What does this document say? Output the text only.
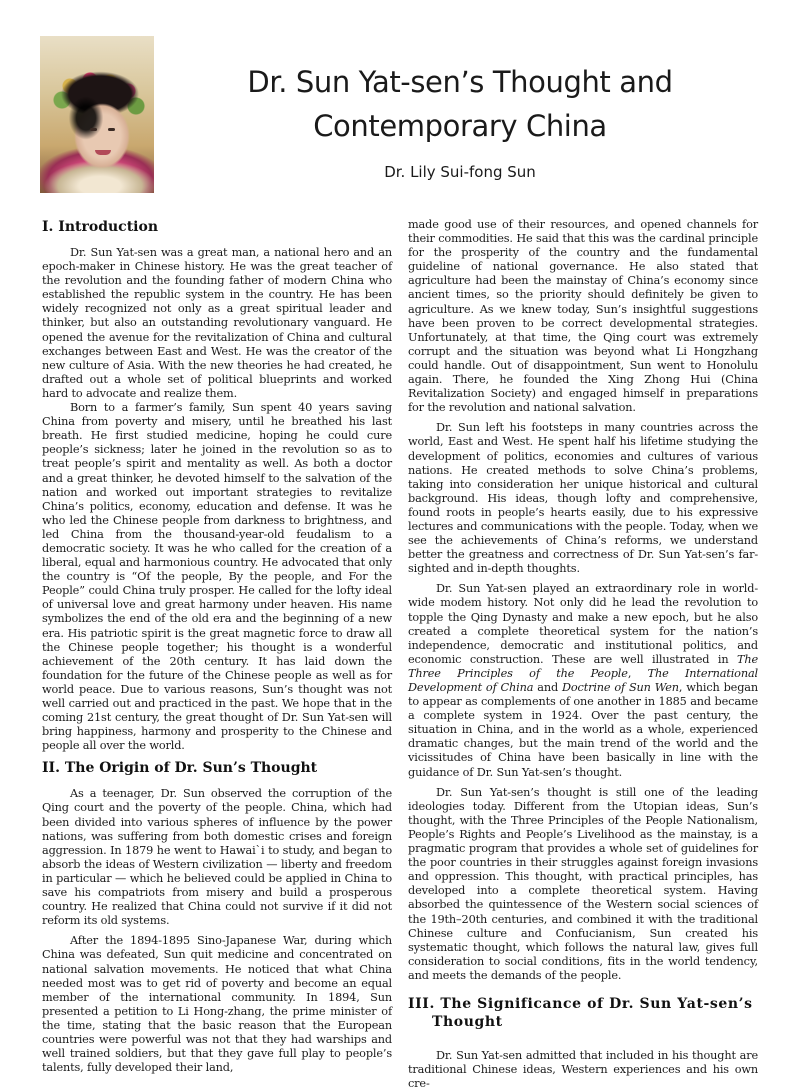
Dr. Sun Yat-sen’s Thought and
Contemporary China
Dr. Lily Sui-fong Sun
I. Introduction

Dr. Sun Yat-sen was a great man, a national hero and an epoch-maker in Chinese history. He was the great teacher of the revolution and the founding father of modern China who established the republic system in the country. He has been widely recognized not only as a great spiritual leader and thinker, but also an outstanding revolutionary vanguard. He opened the avenue for the revitalization of China and cultural exchanges between East and West. He was the creator of the new culture of Asia. With the new theories he had created, he drafted out a whole set of political blueprints and worked hard to advocate and realize them.

Born to a farmer’s family, Sun spent 40 years saving China from poverty and misery, until he breathed his last breath. He first studied medicine, hoping he could cure people’s sickness; later he joined in the revolution so as to treat people’s spirit and mentality as well. As both a doctor and a great thinker, he devoted himself to the salvation of the nation and worked out important strategies to revitalize China’s politics, economy, education and defense. It was he who led the Chinese people from darkness to brightness, and led China from the thousand-year-old feudalism to a democratic society. It was he who called for the creation of a liberal, equal and harmonious country. He advocated that only the country is “Of the people, By the people, and For the People” could China truly prosper. He called for the lofty ideal of universal love and great harmony under heaven. His name symbolizes the end of the old era and the beginning of a new era. His patriotic spirit is the great magnetic force to draw all the Chinese people together; his thought is a wonderful achievement of the 20th century. It has laid down the foundation for the future of the Chinese people as well as for world peace. Due to various reasons, Sun’s thought was not well carried out and practiced in the past. We hope that in the coming 21st century, the great thought of Dr. Sun Yat-sen will bring happiness, harmony and prosperity to the Chinese and people all over the world.

II. The Origin of Dr. Sun’s Thought

As a teenager, Dr. Sun observed the corruption of the Qing court and the poverty of the people. China, which had been divided into various spheres of influence by the power nations, was suffering from both domestic crises and foreign aggression. In 1879 he went to Hawai`i to study, and began to absorb the ideas of Western civilization — liberty and freedom in particular — which he believed could be applied in China to save his compatriots from misery and build a prosperous country. He realized that China could not survive if it did not reform its old systems.

After the 1894-1895 Sino-Japanese War, during which China was defeated, Sun quit medicine and concentrated on national salvation movements. He noticed that what China needed most was to get rid of poverty and become an equal member of the international community. In 1894, Sun presented a petition to Li Hong-zhang, the prime minister of the time, stating that the basic reason that the European countries were powerful was not that they had warships and well trained soldiers, but that they gave full play to people’s talents, fully developed their land,

made good use of their resources, and opened channels for their commodities. He said that this was the cardinal principle for the prosperity of the country and the fundamental guideline of national governance. He also stated that agriculture had been the mainstay of China’s economy since ancient times, so the priority should definitely be given to agriculture. As we knew today, Sun’s insightful suggestions have been proven to be correct developmental strategies. Unfortunately, at that time, the Qing court was extremely corrupt and the situation was beyond what Li Hongzhang could handle. Out of disappointment, Sun went to Honolulu again. There, he founded the Xing Zhong Hui (China Revitalization Society) and engaged himself in preparations for the revolution and national salvation.

Dr. Sun left his footsteps in many countries across the world, East and West. He spent half his lifetime studying the development of politics, economies and cultures of various nations. He created methods to solve China’s problems, taking into consideration her unique historical and cultural background. His ideas, though lofty and comprehensive, found roots in people’s hearts easily, due to his expressive lectures and communications with the people. Today, when we see the achievements of China’s reforms, we understand better the greatness and correctness of Dr. Sun Yat-sen’s far-sighted and in-depth thoughts.

Dr. Sun Yat-sen played an extraordinary role in world-wide modem history. Not only did he lead the revolution to topple the Qing Dynasty and make a new epoch, but he also created a complete theoretical system for the nation’s independence, democratic and institutional politics, and economic construction. These are well illustrated in The Three Principles of the People, The International Development of China and Doctrine of Sun Wen, which began to appear as complements of one another in 1885 and became a complete system in 1924. Over the past century, the situation in China, and in the world as a whole, experienced dramatic changes, but the main trend of the world and the vicissitudes of China have been basically in line with the guidance of Dr. Sun Yat-sen’s thought.

Dr. Sun Yat-sen’s thought is still one of the leading ideologies today. Different from the Utopian ideas, Sun’s thought, with the Three Principles of the People Nationalism, People’s Rights and People’s Livelihood as the mainstay, is a pragmatic program that provides a whole set of guidelines for the poor countries in their struggles against foreign invasions and oppression. This thought, with practical principles, has developed into a complete theoretical system. Having absorbed the quintessence of the Western social sciences of the 19th–20th centuries, and combined it with the traditional Chinese culture and Confucianism, Sun created his systematic thought, which follows the natural law, gives full consideration to social conditions, fits in the world tendency, and meets the demands of the people.

III. The Significance of Dr. Sun Yat-sen’s Thought

Dr. Sun Yat-sen admitted that included in his thought are traditional Chinese ideas, Western experiences and his own cre-
